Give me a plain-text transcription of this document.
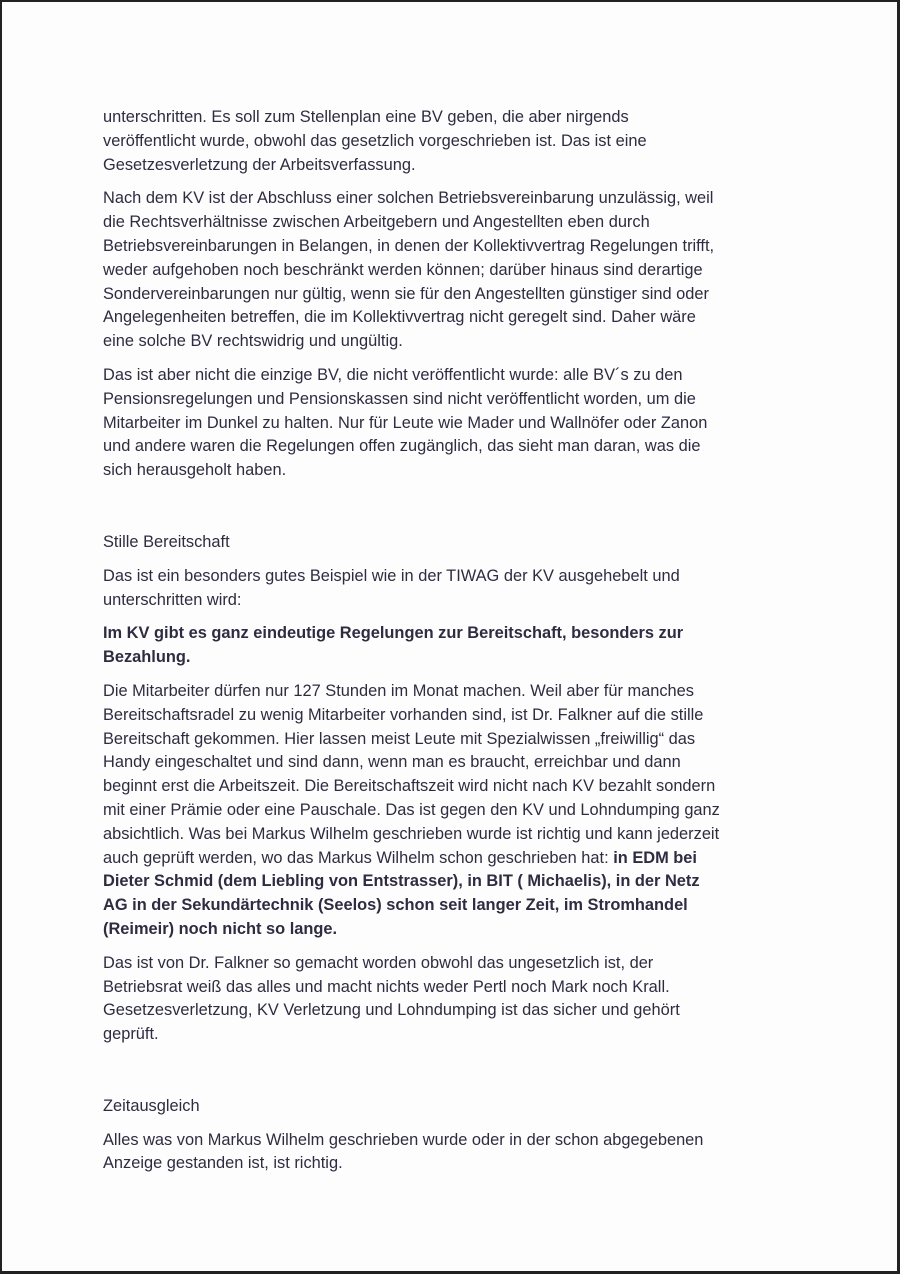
unterschritten. Es soll zum Stellenplan eine BV geben, die aber nirgends
veröffentlicht wurde, obwohl das gesetzlich vorgeschrieben ist. Das ist eine
Gesetzesverletzung der Arbeitsverfassung.

Nach dem KV ist der Abschluss einer solchen Betriebsvereinbarung unzulässig, weil
die Rechtsverhältnisse zwischen Arbeitgebern und Angestellten eben durch
Betriebsvereinbarungen in Belangen, in denen der Kollektivvertrag Regelungen trifft,
weder aufgehoben noch beschränkt werden können; darüber hinaus sind derartige
Sondervereinbarungen nur gültig, wenn sie für den Angestellten günstiger sind oder
Angelegenheiten betreffen, die im Kollektivvertrag nicht geregelt sind. Daher wäre
eine solche BV rechtswidrig und ungültig.

Das ist aber nicht die einzige BV, die nicht veröffentlicht wurde: alle BV´s zu den
Pensionsregelungen und Pensionskassen sind nicht veröffentlicht worden, um die
Mitarbeiter im Dunkel zu halten. Nur für Leute wie Mader und Wallnöfer oder Zanon
und andere waren die Regelungen offen zugänglich, das sieht man daran, was die
sich herausgeholt haben.

Stille Bereitschaft

Das ist ein besonders gutes Beispiel wie in der TIWAG der KV ausgehebelt und
unterschritten wird:

Im KV gibt es ganz eindeutige Regelungen zur Bereitschaft, besonders zur
Bezahlung.

Die Mitarbeiter dürfen nur 127 Stunden im Monat machen. Weil aber für manches
Bereitschaftsradel zu wenig Mitarbeiter vorhanden sind, ist Dr. Falkner auf die stille
Bereitschaft gekommen. Hier lassen meist Leute mit Spezialwissen „freiwillig“ das
Handy eingeschaltet und sind dann, wenn man es braucht, erreichbar und dann
beginnt erst die Arbeitszeit. Die Bereitschaftszeit wird nicht nach KV bezahlt sondern
mit einer Prämie oder eine Pauschale. Das ist gegen den KV und Lohndumping ganz
absichtlich. Was bei Markus Wilhelm geschrieben wurde ist richtig und kann jederzeit
auch geprüft werden, wo das Markus Wilhelm schon geschrieben hat: in EDM bei
Dieter Schmid (dem Liebling von Entstrasser), in BIT ( Michaelis), in der Netz
AG in der Sekundärtechnik (Seelos) schon seit langer Zeit, im Stromhandel
(Reimeir) noch nicht so lange.

Das ist von Dr. Falkner so gemacht worden obwohl das ungesetzlich ist, der
Betriebsrat weiß das alles und macht nichts weder Pertl noch Mark noch Krall.
Gesetzesverletzung, KV Verletzung und Lohndumping ist das sicher und gehört
geprüft.

Zeitausgleich

Alles was von Markus Wilhelm geschrieben wurde oder in der schon abgegebenen
Anzeige gestanden ist, ist richtig.
